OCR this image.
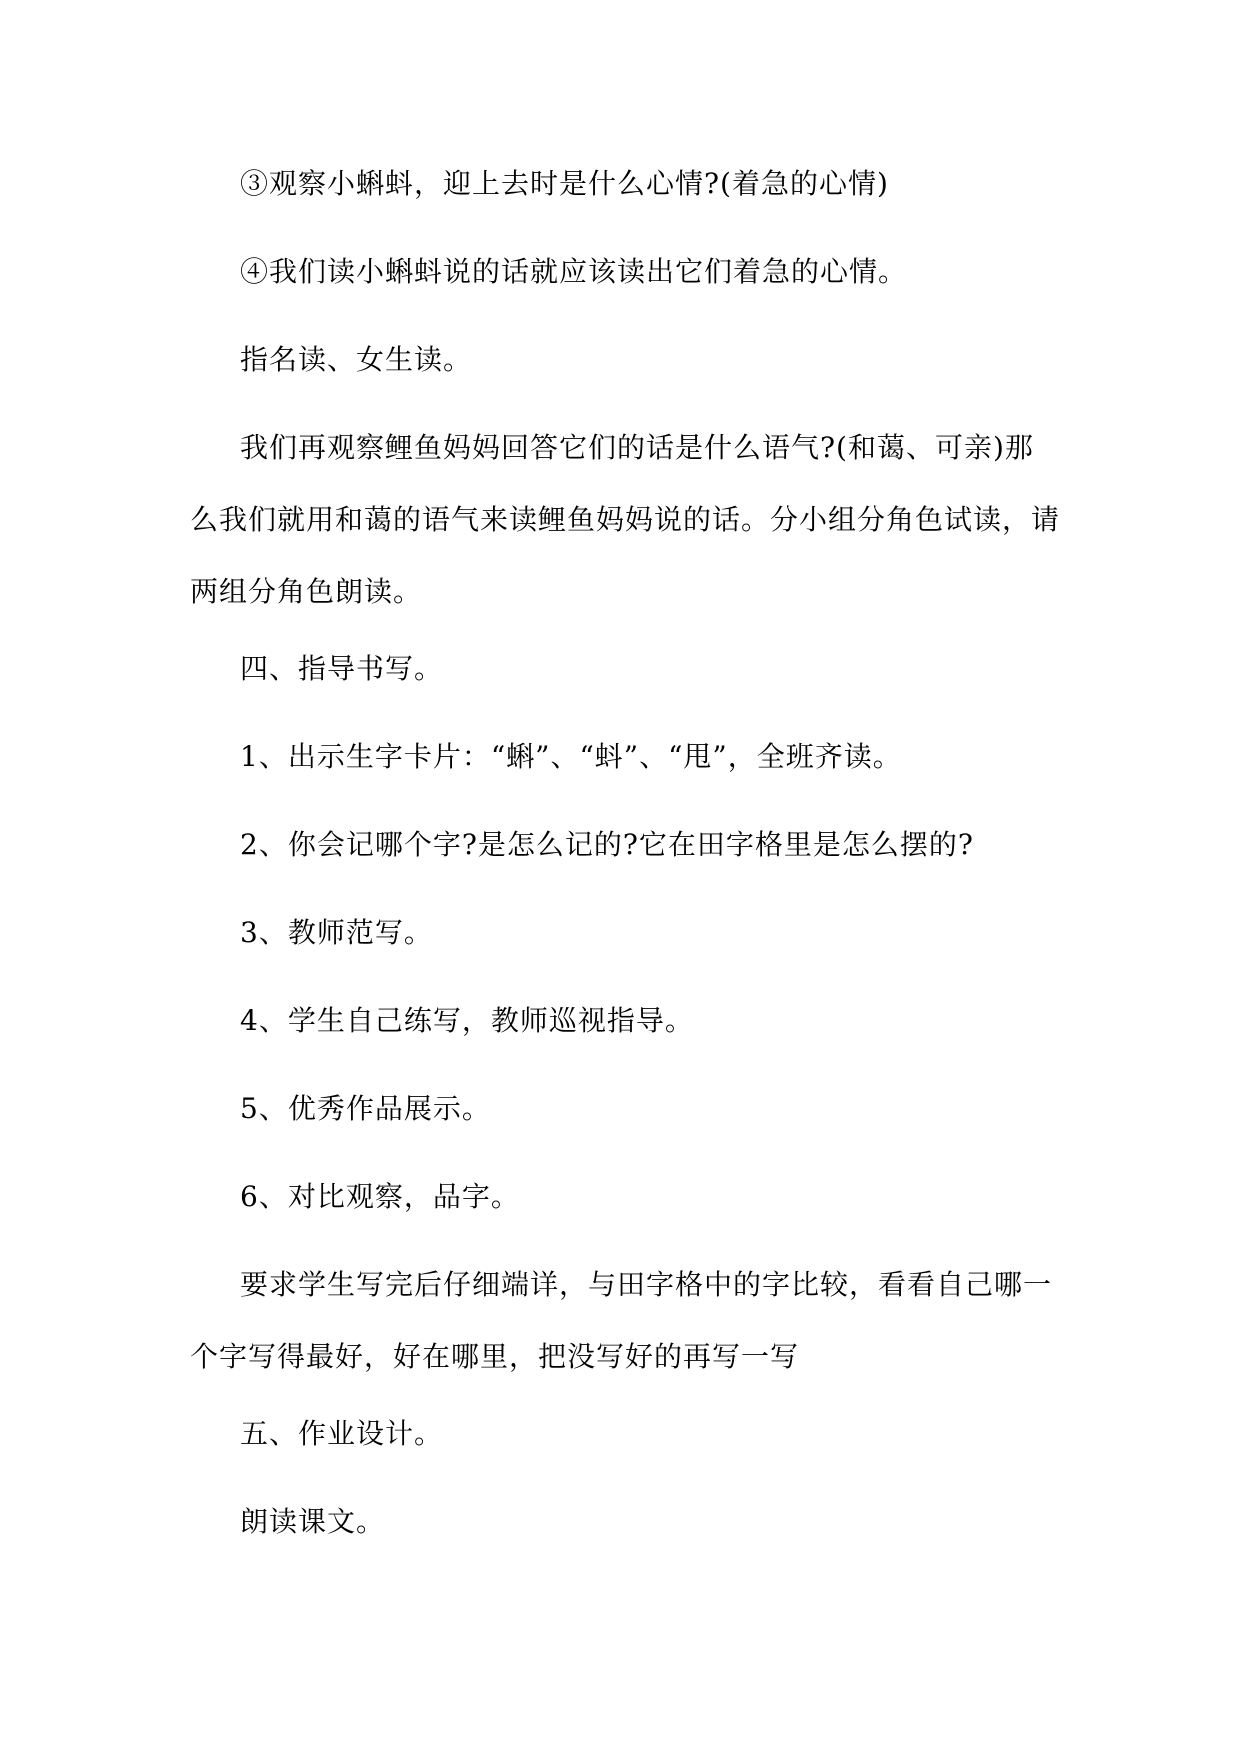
③观察小蝌蚪，迎上去时是什么心情?(着急的心情)

④我们读小蝌蚪说的话就应该读出它们着急的心情。

指名读、女生读。

我们再观察鲤鱼妈妈回答它们的话是什么语气?(和蔼、可亲)那么我们就用和蔼的语气来读鲤鱼妈妈说的话。分小组分角色试读，请两组分角色朗读。

四、指导书写。

1、出示生字卡片：“蝌”、“蚪”、“甩”，全班齐读。

2、你会记哪个字?是怎么记的?它在田字格里是怎么摆的?

3、教师范写。

4、学生自己练写，教师巡视指导。

5、优秀作品展示。

6、对比观察，品字。

要求学生写完后仔细端详，与田字格中的字比较，看看自己哪一个字写得最好，好在哪里，把没写好的再写一写

五、作业设计。

朗读课文。
